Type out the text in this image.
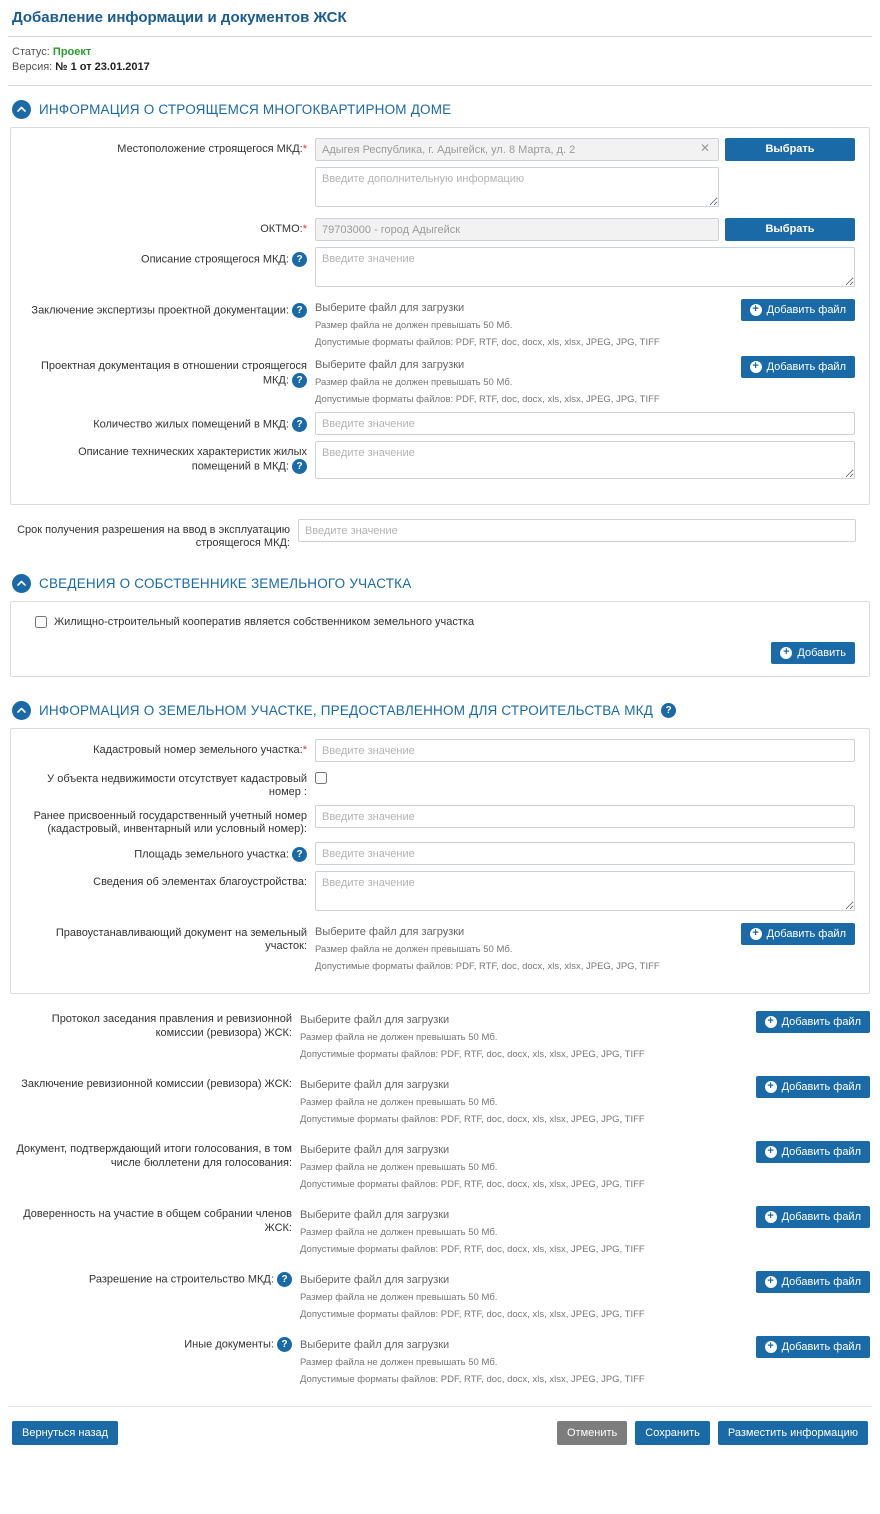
Добавление информации и документов ЖСК
Статус: Проект
Версия: № 1 от 23.01.2017
ИНФОРМАЦИЯ О СТРОЯЩЕМСЯ МНОГОКВАРТИРНОМ ДОМЕ
Местоположение строящегося МКД:*
Адыгея Республика, г. Адыгейск, ул. 8 Марта, д. 2	✕	Выбрать
Введите дополнительную информацию
ОКТМО:*
79703000 - город Адыгейск	Выбрать
Описание строящегося МКД: ?
Введите значение
Заключение экспертизы проектной документации: ?	Выберите файл для загрузки
Размер файла не должен превышать 50 Мб.
Допустимые форматы файлов: PDF, RTF, doc, docx, xls, xlsx, JPEG, JPG, TIFF
+ Добавить файл
Проектная документация в отношении строящегося МКД: ?
Выберите файл для загрузки
Размер файла не должен превышать 50 Мб.
Допустимые форматы файлов: PDF, RTF, doc, docx, xls, xlsx, JPEG, JPG, TIFF
+ Добавить файл
Количество жилых помещений в МКД: ?
Введите значение
Описание технических характеристик жилых помещений в МКД: ?
Введите значение
Срок получения разрешения на ввод в эксплуатацию строящегося МКД:
Введите значение
СВЕДЕНИЯ О СОБСТВЕННИКЕ ЗЕМЕЛЬНОГО УЧАСТКА
Жилищно-строительный кооператив является собственником земельного участка
+ Добавить
ИНФОРМАЦИЯ О ЗЕМЕЛЬНОМ УЧАСТКЕ, ПРЕДОСТАВЛЕННОМ ДЛЯ СТРОИТЕЛЬСТВА МКД	?
Кадастровый номер земельного участка:*
Введите значение
У объекта недвижимости отсутствует кадастровый номер :
Ранее присвоенный государственный учетный номер (кадастровый, инвентарный или условный номер):
Введите значение
Площадь земельного участка: ?
Введите значение
Сведения об элементах благоустройства:
Введите значение
Правоустанавливающий документ на земельный участок:
Выберите файл для загрузки
Размер файла не должен превышать 50 Мб.
Допустимые форматы файлов: PDF, RTF, doc, docx, xls, xlsx, JPEG, JPG, TIFF
+ Добавить файл
Протокол заседания правления и ревизионной комиссии (ревизора) ЖСК:
Выберите файл для загрузки
Размер файла не должен превышать 50 Мб.
Допустимые форматы файлов: PDF, RTF, doc, docx, xls, xlsx, JPEG, JPG, TIFF
+ Добавить файл
Заключение ревизионной комиссии (ревизора) ЖСК: Выберите файл для загрузки
Размер файла не должен превышать 50 Мб.
Допустимые форматы файлов: PDF, RTF, doc, docx, xls, xlsx, JPEG, JPG, TIFF
+ Добавить файл
Документ, подтверждающий итоги голосования, в том числе бюллетени для голосования:
Выберите файл для загрузки
Размер файла не должен превышать 50 Мб.
Допустимые форматы файлов: PDF, RTF, doc, docx, xls, xlsx, JPEG, JPG, TIFF
+ Добавить файл
Доверенность на участие в общем собрании членов ЖСК:
Выберите файл для загрузки
Размер файла не должен превышать 50 Мб.
Допустимые форматы файлов: PDF, RTF, doc, docx, xls, xlsx, JPEG, JPG, TIFF
+ Добавить файл
Разрешение на строительство МКД: ?	Выберите файл для загрузки
Размер файла не должен превышать 50 Мб.
Допустимые форматы файлов: PDF, RTF, doc, docx, xls, xlsx, JPEG, JPG, TIFF
+ Добавить файл
Иные документы: ?	Выберите файл для загрузки
Размер файла не должен превышать 50 Мб.
Допустимые форматы файлов: PDF, RTF, doc, docx, xls, xlsx, JPEG, JPG, TIFF
+ Добавить файл
Вернуться назад	Отменить	Сохранить	Разместить информацию
